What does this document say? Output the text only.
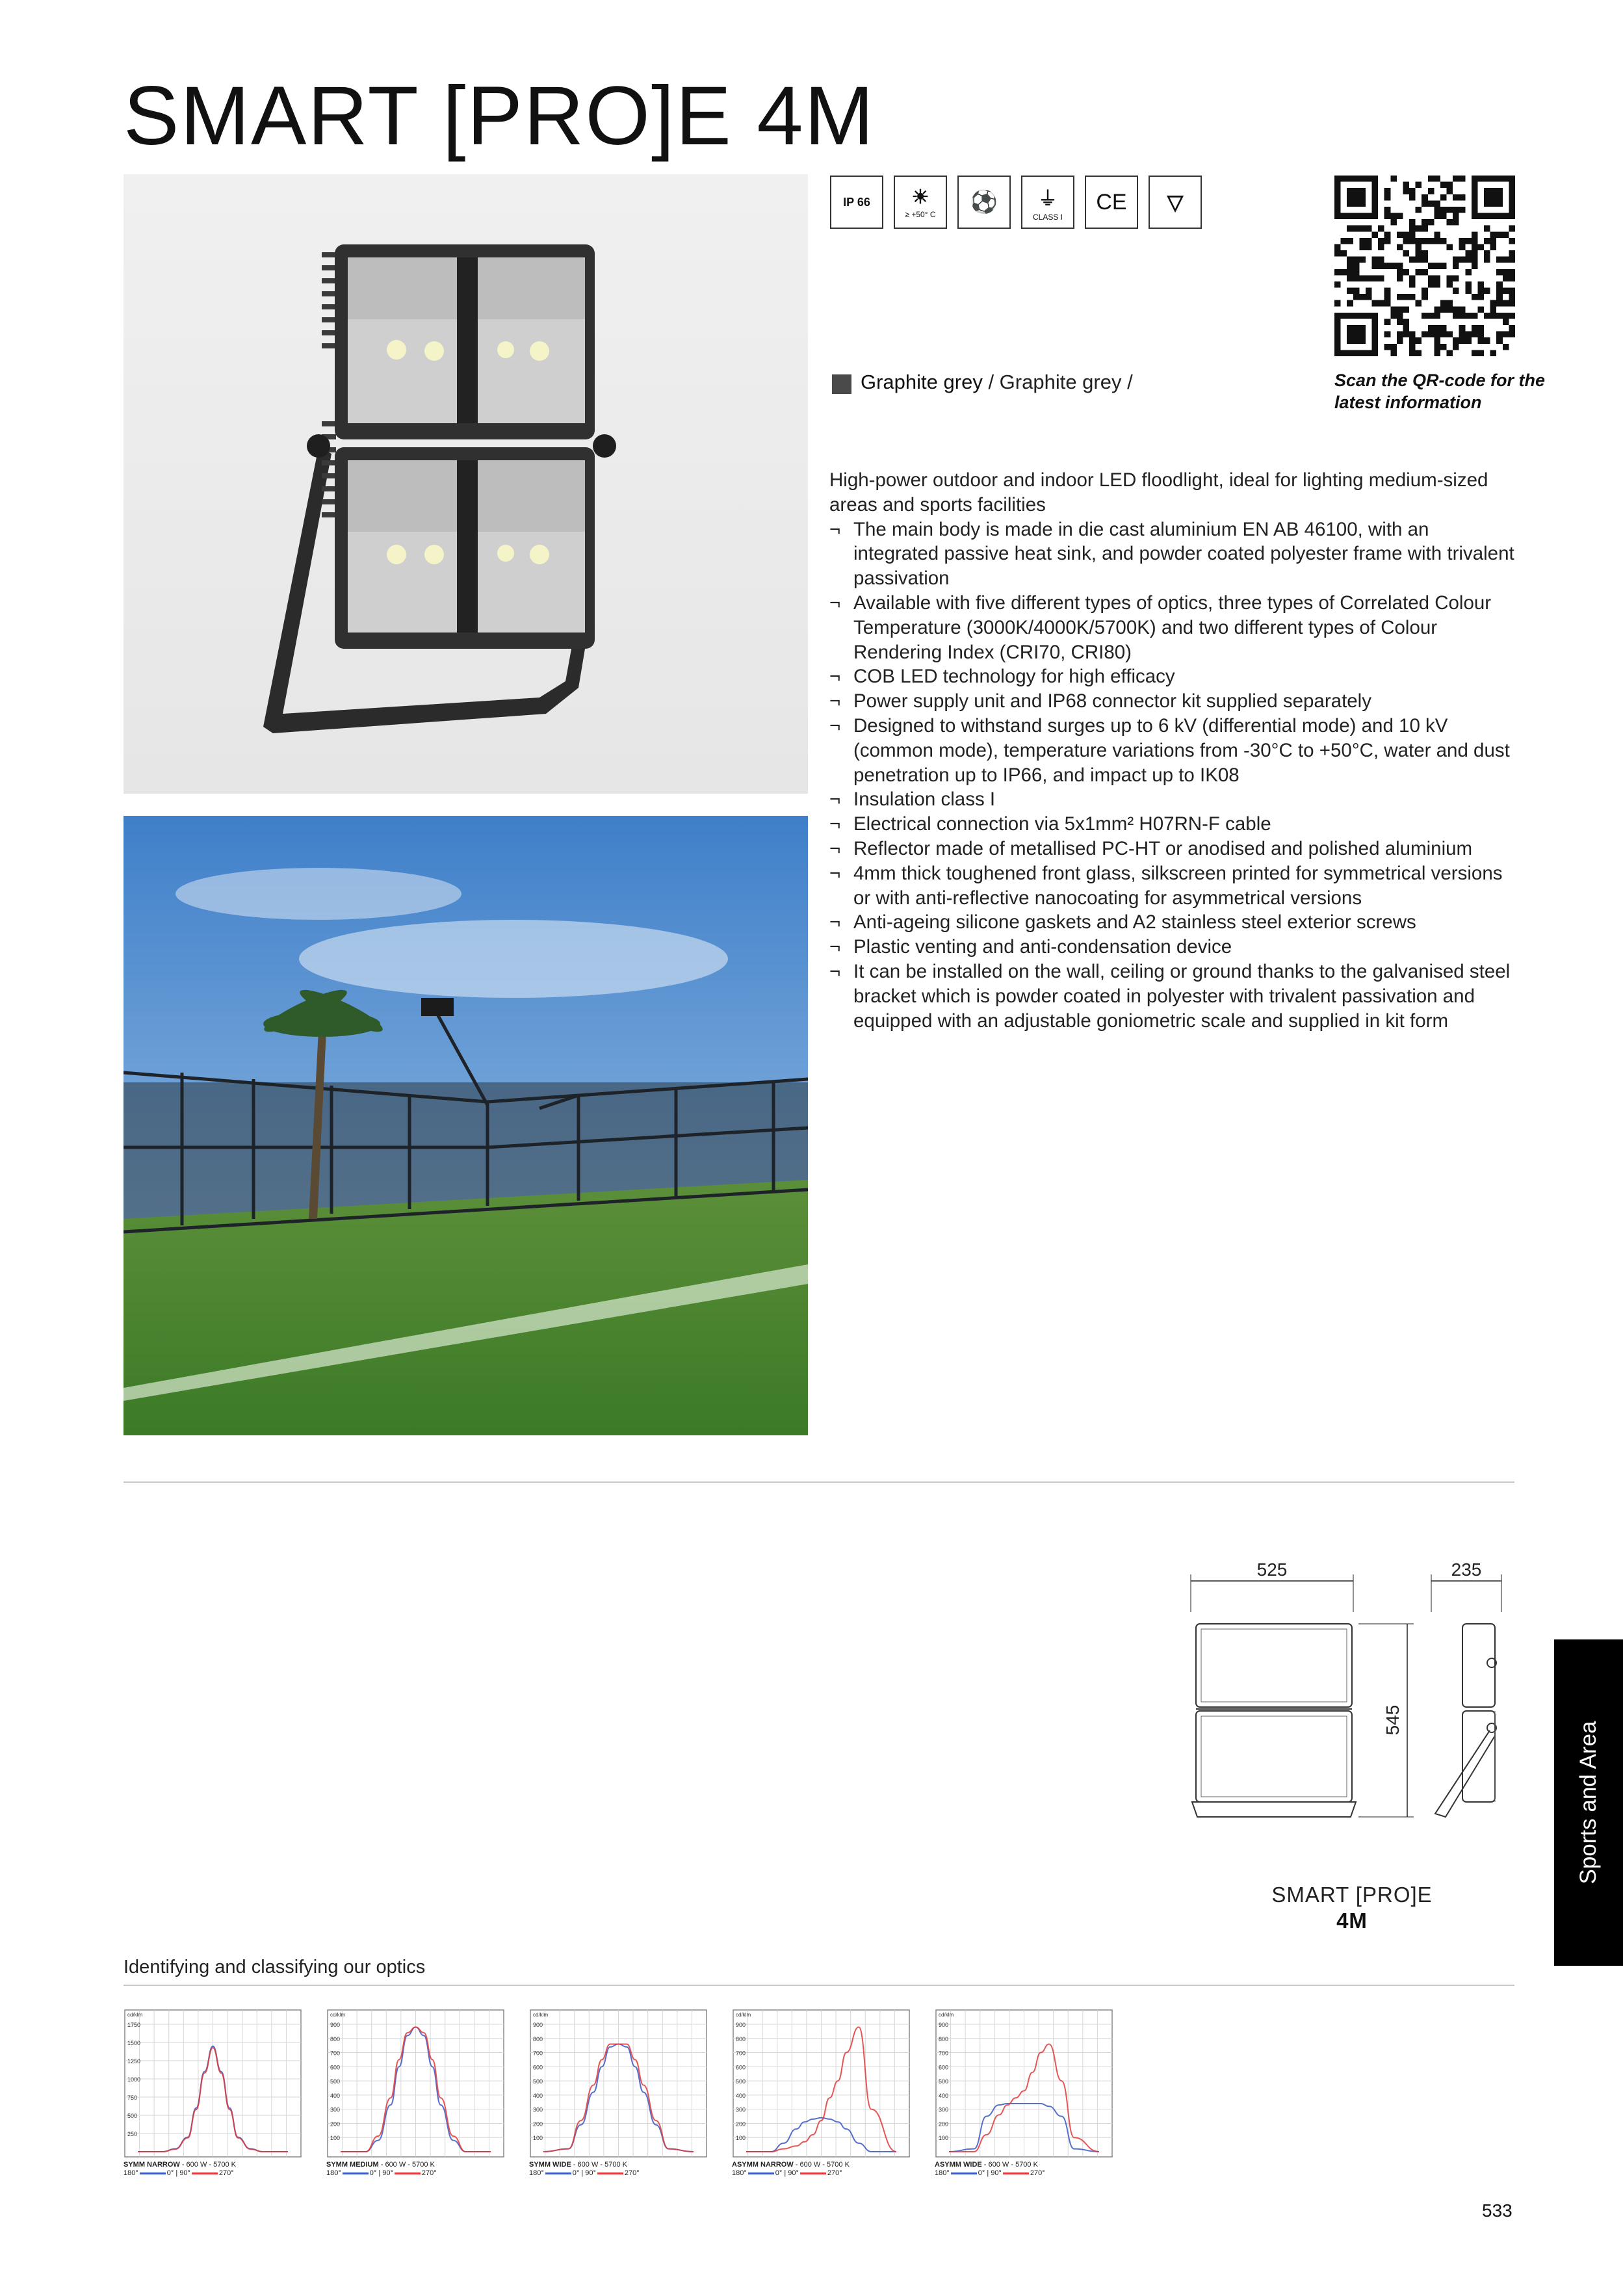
SMART [PRO]E 4M
IP 66 ☀
≥ +50° C ⚽ ⏚
CLASS I
CE ▽
Scan the QR-code for the latest information
Graphite grey / Graphite grey /

High-power outdoor and indoor LED floodlight, ideal for lighting medium-sized areas and sports facilities

¬ The main body is made in die cast aluminium EN AB 46100, with an integrated passive heat sink, and powder coated polyester frame with trivalent passivation
¬ Available with five different types of optics, three types of Correlated Colour Temperature (3000K/4000K/5700K) and two different types of Colour Rendering Index (CRI70, CRI80)
¬ COB LED technology for high efficacy
¬ Power supply unit and IP68 connector kit supplied separately
¬ Designed to withstand surges up to 6 kV (differential mode) and 10 kV (common mode), temperature variations from -30°C to +50°C, water and dust penetration up to IP66, and impact up to IK08
¬ Insulation class I
¬ Electrical connection via 5x1mm² H07RN-F cable
¬ Reflector made of metallised PC-HT or anodised and polished aluminium
¬ 4mm thick toughened front glass, silkscreen printed for symmetrical versions or with anti-reflective nanocoating for asymmetrical versions
¬ Anti-ageing silicone gaskets and A2 stainless steel exterior screws
¬ Plastic venting and anti-condensation device
¬ It can be installed on the wall, ceiling or ground thanks to the galvanised steel bracket which is powder coated in polyester with trivalent passivation and equipped with an adjustable goniometric scale and supplied in kit form
525	235
545
SMART [PRO]E
4M
Sports and Area
Identifying and classifying our optics
1750
1500
1250
1000
750
500
250
cd/klm
SYMM NARROW - 600 W - 5700 K
180°	0° | 90°	270°
900
800
700
600
500
400
300
200
100
cd/klm
SYMM MEDIUM - 600 W - 5700 K
180°	0° | 90°	270°
900
800
700
600
500
400
300
200
100
cd/klm
SYMM WIDE - 600 W - 5700 K
180°	0° | 90°	270°
900
800
700
600
500
400
300
200
100
cd/klm
ASYMM NARROW - 600 W - 5700 K
180°	0° | 90°	270°
900
800
700
600
500
400
300
200
100
cd/klm
ASYMM WIDE - 600 W - 5700 K
180°	0° | 90°	270°
533
